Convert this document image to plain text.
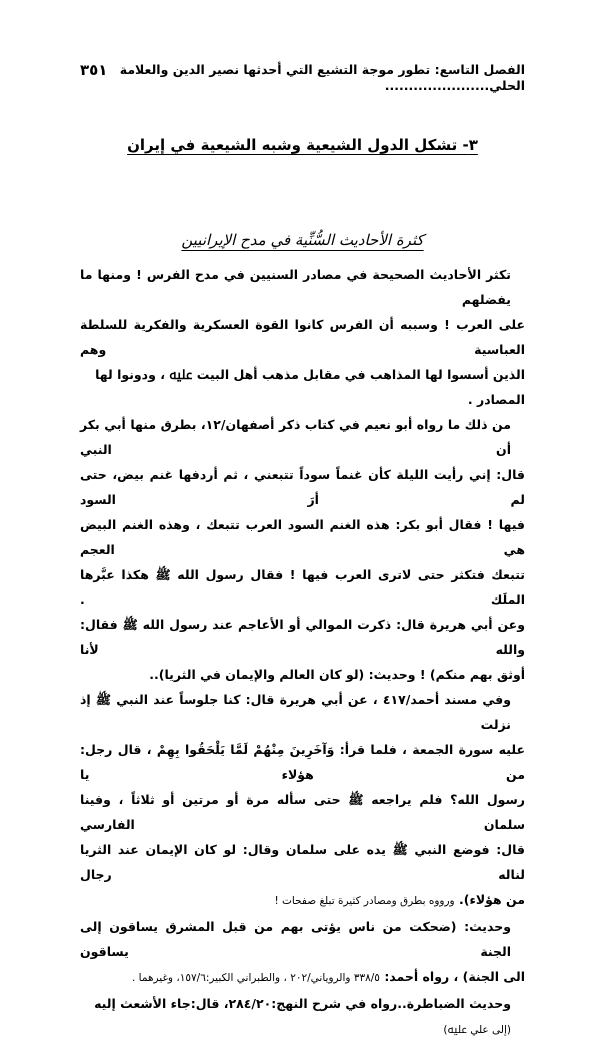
الفصل التاسع: تطور موجة التشيع التي أحدثها نصير الدين والعلامة الحلي......................
٣٥١
٣- تشكل الدول الشيعية وشبه الشيعية في إيران
كثرة الأحاديث السُّنِّية في مدح الإيرانيين
تكثر الأحاديث الصحيحة في مصادر السنيين في مدح الفرس ! ومنها ما يفضلهم
على العرب ! وسببه أن الفرس كانوا القوة العسكرية والفكرية للسلطة العباسية وهم
الذين أسسوا لها المذاهب في مقابل مذهب أهل البيت ﷷ ، ودونوا لها المصادر .
من ذلك ما رواه أبو نعيم في كتاب ذكر أصفهان/١٢، بطرق منها أبي بكر أن النبي
قال: إني رأيت الليلة كأن غنماً سوداً تتبعني ، ثم أردفها غنم بيض، حتى لم أرَ السود
فيها ! فقال أبو بكر: هذه الغنم السود العرب تتبعك ، وهذه الغنم البيض هي العجم
تتبعك فتكثر حتى لاترى العرب فيها ! فقال رسول الله ﷺ هكذا عبَّرها الملَك .
وعن أبي هريرة قال: ذكرت الموالي أو الأعاجم عند رسول الله ﷺ فقال: والله لأنا
أوثق بهم منكم) ! وحديث: (لو كان العالم والإيمان في الثريا)..
وفي مسند أحمد/٤١٧ ، عن أبي هريرة قال: كنا جلوساً عند النبي ﷺ إذ نزلت
عليه سورة الجمعة ، فلما قرأ: وَآخَرِينَ مِنْهُمْ لَمَّا يَلْحَقُوا بِهِمْ ، قال رجل: من هؤلاء يا
رسول الله؟ فلم يراجعه ﷺ حتى سأله مرة أو مرتين أو ثلاثاً ، وفينا سلمان الفارسي
قال: فوضع النبي ﷺ يده على سلمان وقال: لو كان الإيمان عند الثريا لناله رجال
من هؤلاء). ورووه بطرق ومصادر كثيرة تبلغ صفحات !
وحديث: (ضحكت من ناس يؤتى بهم من قبل المشرق يساقون إلى الجنة يساقون
الى الجنة) ، رواه أحمد: ٣٣٨/٥ والروياني/٢٠٢ ، والطبراني الكبير:١٥٧/٦، وغيرهما .
وحديث الضباطرة..رواه في شرح النهج:٢٨٤/٢٠، قال:جاء الأشعث إليه (إلى علي ﷷ)
